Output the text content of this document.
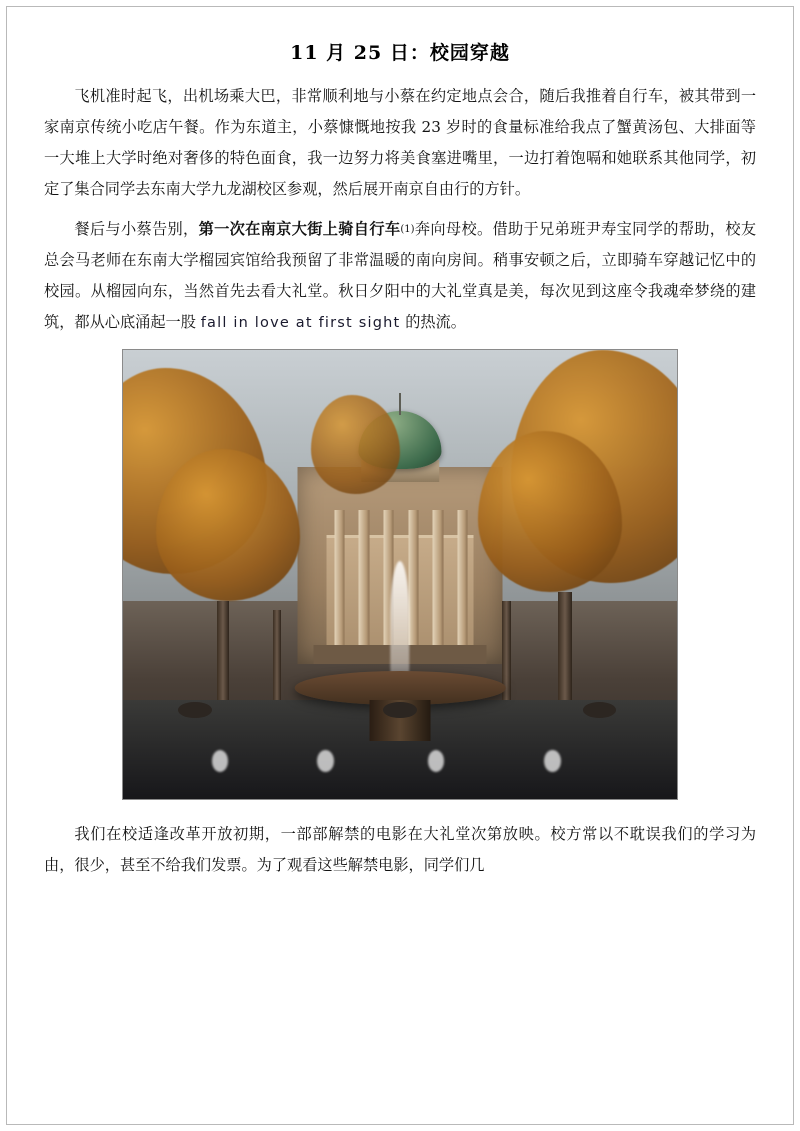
11 月 25 日：校园穿越

飞机准时起飞，出机场乘大巴，非常顺利地与小蔡在约定地点会合，随后我推着自行车，被其带到一家南京传统小吃店午餐。作为东道主，小蔡慷慨地按我 23 岁时的食量标准给我点了蟹黄汤包、大排面等一大堆上大学时绝对奢侈的特色面食，我一边努力将美食塞进嘴里，一边打着饱嗝和她联系其他同学，初定了集合同学去东南大学九龙湖校区参观，然后展开南京自由行的方针。

餐后与小蔡告别，第一次在南京大街上骑自行车$^{(1)}$奔向母校。借助于兄弟班尹寿宝同学的帮助，校友总会马老师在东南大学榴园宾馆给我预留了非常温暖的南向房间。稍事安顿之后，立即骑车穿越记忆中的校园。从榴园向东，当然首先去看大礼堂。秋日夕阳中的大礼堂真是美，每次见到这座令我魂牵梦绕的建筑，都从心底涌起一股 fall in love at first sight 的热流。

我们在校适逢改革开放初期，一部部解禁的电影在大礼堂次第放映。校方常以不耽误我们的学习为由，很少，甚至不给我们发票。为了观看这些解禁电影，同学们几
